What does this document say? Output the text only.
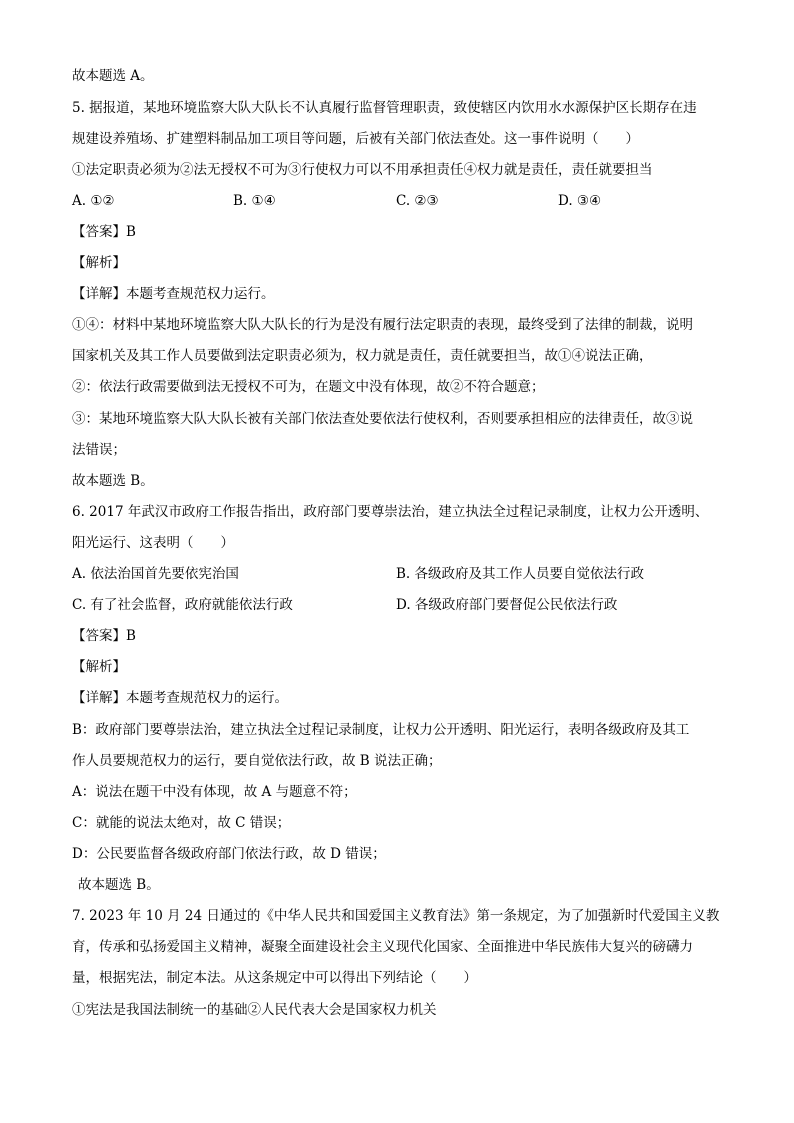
故本题选 A。
5. 据报道，某地环境监察大队大队长不认真履行监督管理职责，致使辖区内饮用水水源保护区长期存在违
规建设养殖场、扩建塑料制品加工项目等问题，后被有关部门依法查处。这一事件说明（　　）
①法定职责必须为②法无授权不可为③行使权力可以不用承担责任④权力就是责任，责任就要担当
A. ①②	B. ①④	C. ②③	D. ③④
【答案】B
【解析】
【详解】本题考查规范权力运行。
①④：材料中某地环境监察大队大队长的行为是没有履行法定职责的表现，最终受到了法律的制裁，说明
国家机关及其工作人员要做到法定职责必须为，权力就是责任，责任就要担当，故①④说法正确，
②：依法行政需要做到法无授权不可为，在题文中没有体现，故②不符合题意；
③：某地环境监察大队大队长被有关部门依法查处要依法行使权利，否则要承担相应的法律责任，故③说
法错误；
故本题选 B。
6. 2017 年武汉市政府工作报告指出，政府部门要尊崇法治，建立执法全过程记录制度，让权力公开透明、
阳光运行、这表明（　　）
A. 依法治国首先要依宪治国	B. 各级政府及其工作人员要自觉依法行政
C. 有了社会监督，政府就能依法行政	D. 各级政府部门要督促公民依法行政
【答案】B
【解析】
【详解】本题考查规范权力的运行。
B：政府部门要尊崇法治，建立执法全过程记录制度，让权力公开透明、阳光运行，表明各级政府及其工
作人员要规范权力的运行，要自觉依法行政，故 B 说法正确；
A：说法在题干中没有体现，故 A 与题意不符；
C：就能的说法太绝对，故 C 错误；
D：公民要监督各级政府部门依法行政，故 D 错误；
故本题选 B。
7. 2023 年 10 月 24 日通过的《中华人民共和国爱国主义教育法》第一条规定，为了加强新时代爱国主义教
育，传承和弘扬爱国主义精神，凝聚全面建设社会主义现代化国家、全面推进中华民族伟大复兴的磅礴力
量，根据宪法，制定本法。从这条规定中可以得出下列结论（　　）
①宪法是我国法制统一的基础②人民代表大会是国家权力机关
